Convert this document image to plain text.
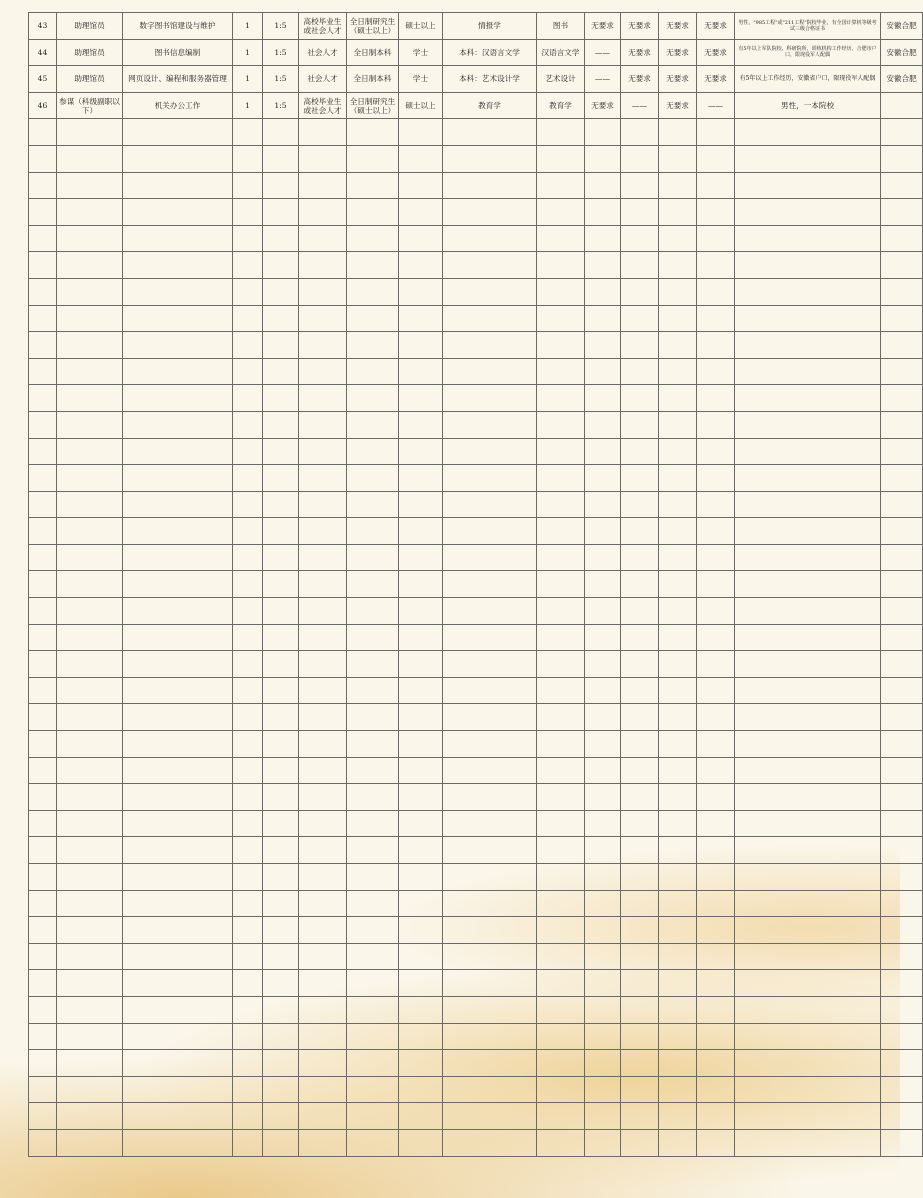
43	助理馆员	数字图书馆建设与维护	1	1:5	高校毕业生或社会人才	全日制研究生（硕士以上）	硕士以上	情报学	图书	无要求	无要求	无要求	无要求	男性，"985工程"或"211工程"院校毕业，有全国计算机等级考试三级合格证书	安徽合肥
44	助理馆员	图书信息编制	1	1:5	社会人才	全日制本科	学士	本科：汉语言文学	汉语言文学	——	无要求	无要求	无要求	有5年以上军队院校、科研院所、训练机构工作经历，合肥市户口，限现役军人配偶	安徽合肥
45	助理馆员	网页设计、编程和服务器管理	1	1:5	社会人才	全日制本科	学士	本科：艺术设计学	艺术设计	——	无要求	无要求	无要求	有5年以上工作经历，安徽省户口，限现役军人配偶	安徽合肥
46	参谋（科级副职以下）	机关办公工作	1	1:5	高校毕业生或社会人才	全日制研究生（硕士以上）	硕士以上	教育学	教育学	无要求	——	无要求	——	男性，一本院校	
